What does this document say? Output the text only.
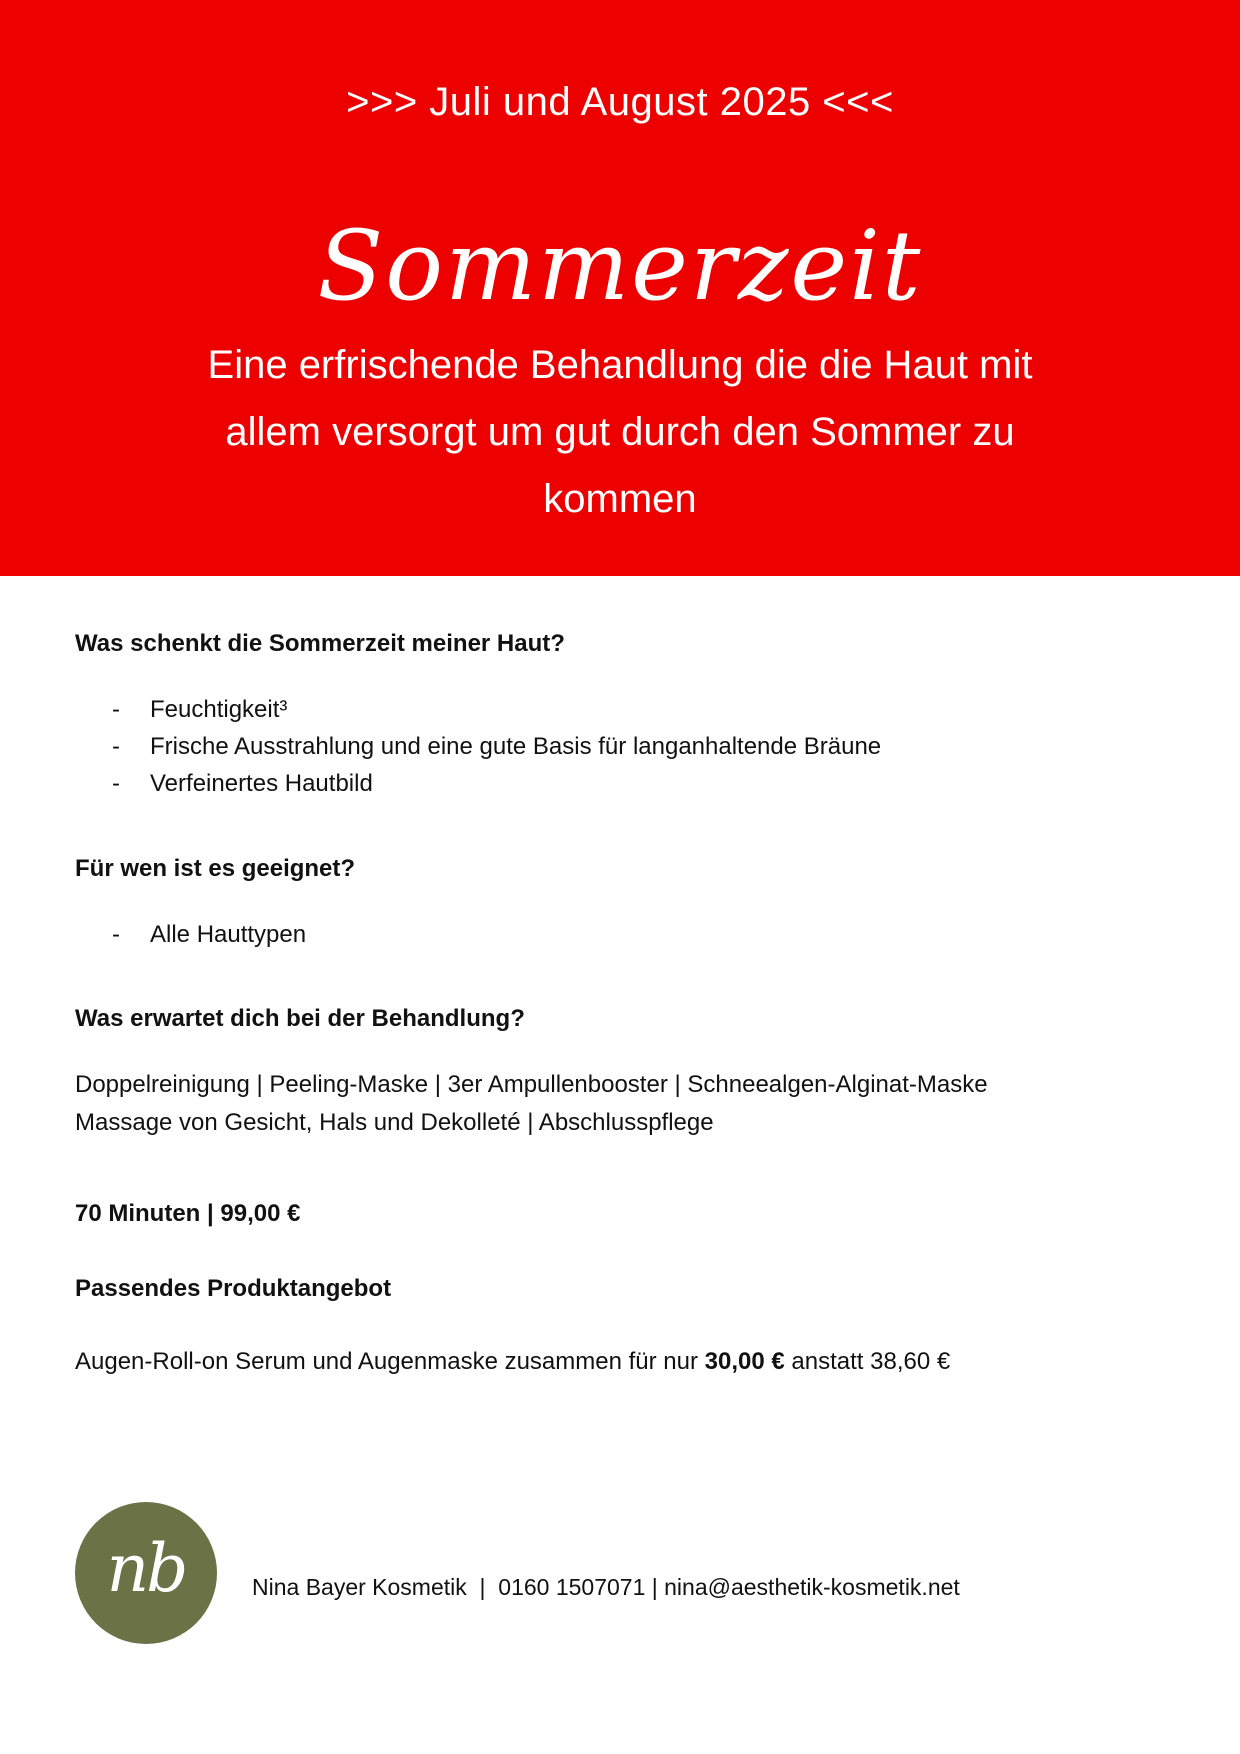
>>> Juli und August 2025 <<<
Sommerzeit
Eine erfrischende Behandlung die die Haut mit
allem versorgt um gut durch den Sommer zu
kommen
Was schenkt die Sommerzeit meiner Haut?
- Feuchtigkeit³
- Frische Ausstrahlung und eine gute Basis für langanhaltende Bräune
- Verfeinertes Hautbild
Für wen ist es geeignet?
- Alle Hauttypen
Was erwartet dich bei der Behandlung?
Doppelreinigung | Peeling-Maske | 3er Ampullenbooster | Schneealgen-Alginat-Maske
Massage von Gesicht, Hals und Dekolleté | Abschlusspflege
70 Minuten | 99,00 €
Passendes Produktangebot
Augen-Roll-on Serum und Augenmaske zusammen für nur 30,00 € anstatt 38,60 €
nb	Nina Bayer Kosmetik  |  0160 1507071 | nina@aesthetik-kosmetik.net
